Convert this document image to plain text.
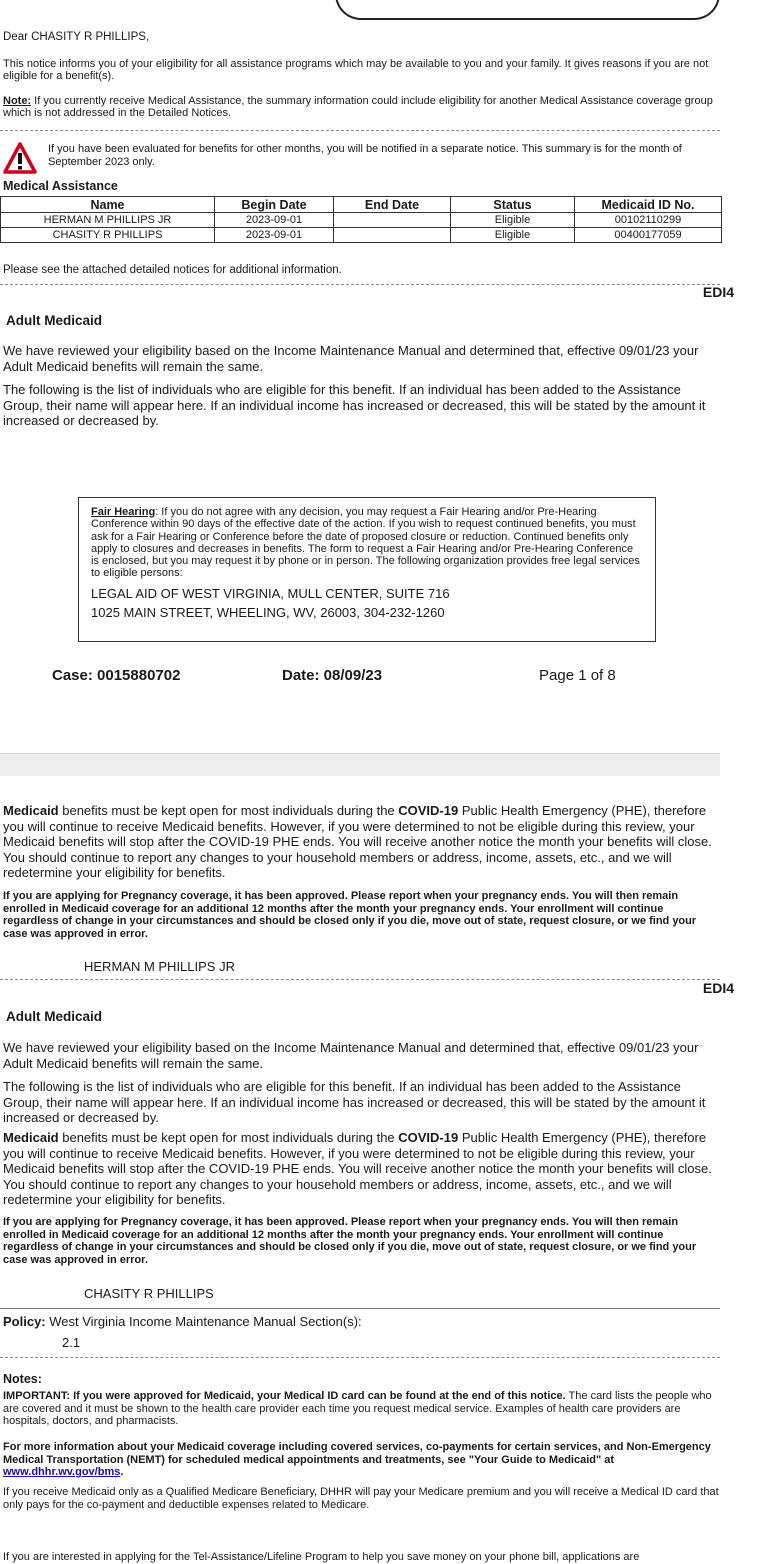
Dear CHASITY R PHILLIPS,
This notice informs you of your eligibility for all assistance programs which may be available to you and your family. It gives reasons if you are not eligible for a benefit(s).
Note: If you currently receive Medical Assistance, the summary information could include eligibility for another Medical Assistance coverage group which is not addressed in the Detailed Notices.
If you have been evaluated for benefits for other months, you will be notified in a separate notice. This summary is for the month of September 2023 only.
Medical Assistance
Name	Begin Date	End Date	Status	Medicaid ID No.
HERMAN M PHILLIPS JR	2023-09-01		Eligible	00102110299
CHASITY R PHILLIPS	2023-09-01		Eligible	00400177059
Please see the attached detailed notices for additional information.
EDI4
Adult Medicaid
We have reviewed your eligibility based on the Income Maintenance Manual and determined that, effective 09/01/23 your Adult Medicaid benefits will remain the same.
The following is the list of individuals who are eligible for this benefit. If an individual has been added to the Assistance Group, their name will appear here. If an individual income has increased or decreased, this will be stated by the amount it increased or decreased by.
Fair Hearing: If you do not agree with any decision, you may request a Fair Hearing and/or Pre-Hearing Conference within 90 days of the effective date of the action. If you wish to request continued benefits, you must ask for a Fair Hearing or Conference before the date of proposed closure or reduction. Continued benefits only apply to closures and decreases in benefits. The form to request a Fair Hearing and/or Pre-Hearing Conference is enclosed, but you may request it by phone or in person. The following organization provides free legal services to eligible persons:
LEGAL AID OF WEST VIRGINIA, MULL CENTER, SUITE 716
1025 MAIN STREET, WHEELING, WV, 26003, 304-232-1260
Case: 0015880702	Date: 08/09/23	Page 1 of 8
Medicaid benefits must be kept open for most individuals during the COVID-19 Public Health Emergency (PHE), therefore you will continue to receive Medicaid benefits. However, if you were determined to not be eligible during this review, your Medicaid benefits will stop after the COVID-19 PHE ends. You will receive another notice the month your benefits will close. You should continue to report any changes to your household members or address, income, assets, etc., and we will redetermine your eligibility for benefits.
If you are applying for Pregnancy coverage, it has been approved. Please report when your pregnancy ends. You will then remain enrolled in Medicaid coverage for an additional 12 months after the month your pregnancy ends. Your enrollment will continue regardless of change in your circumstances and should be closed only if you die, move out of state, request closure, or we find your case was approved in error.
HERMAN M PHILLIPS JR
EDI4
Adult Medicaid
We have reviewed your eligibility based on the Income Maintenance Manual and determined that, effective 09/01/23 your Adult Medicaid benefits will remain the same.
The following is the list of individuals who are eligible for this benefit. If an individual has been added to the Assistance Group, their name will appear here. If an individual income has increased or decreased, this will be stated by the amount it increased or decreased by.
Medicaid benefits must be kept open for most individuals during the COVID-19 Public Health Emergency (PHE), therefore you will continue to receive Medicaid benefits. However, if you were determined to not be eligible during this review, your Medicaid benefits will stop after the COVID-19 PHE ends. You will receive another notice the month your benefits will close. You should continue to report any changes to your household members or address, income, assets, etc., and we will redetermine your eligibility for benefits.
If you are applying for Pregnancy coverage, it has been approved. Please report when your pregnancy ends. You will then remain enrolled in Medicaid coverage for an additional 12 months after the month your pregnancy ends. Your enrollment will continue regardless of change in your circumstances and should be closed only if you die, move out of state, request closure, or we find your case was approved in error.
CHASITY R PHILLIPS
Policy: West Virginia Income Maintenance Manual Section(s):
2.1
Notes:
IMPORTANT: If you were approved for Medicaid, your Medical ID card can be found at the end of this notice. The card lists the people who are covered and it must be shown to the health care provider each time you request medical service. Examples of health care providers are hospitals, doctors, and pharmacists.
For more information about your Medicaid coverage including covered services, co-payments for certain services, and Non-Emergency Medical Transportation (NEMT) for scheduled medical appointments and treatments, see "Your Guide to Medicaid" at www.dhhr.wv.gov/bms.
If you receive Medicaid only as a Qualified Medicare Beneficiary, DHHR will pay your Medicare premium and you will receive a Medical ID card that only pays for the co-payment and deductible expenses related to Medicare.
If you are interested in applying for the Tel-Assistance/Lifeline Program to help you save money on your phone bill, applications are
